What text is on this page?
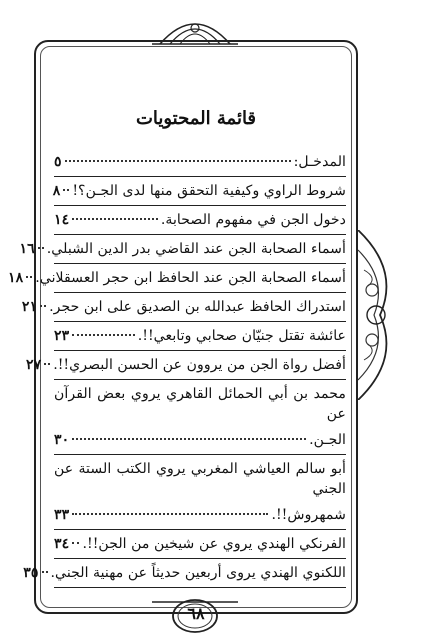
قائمة المحتويات
المدخـل:
٥
شروط الراوي وكيفية التحقق منها لدى الجـن؟!
٨
دخول الجن في مفهوم الصحابة.
١٤
أسماء الصحابة الجن عند القاضي بدر الدين الشبلي.
١٦
أسماء الصحابة الجن عند الحافظ ابن حجر العسقلاني.
١٨
استدراك الحافظ عبدالله بن الصديق على ابن حجر.
٢١
عائشة تقتل جنيّان صحابي وتابعي!!.
٢٣
أفضل رواة الجن من يروون عن الحسن البصري!!.
٢٧
محمد بن أبي الحمائل القاهري يروي بعض القرآن عن
الجـن.
٣٠
أبو سالم العياشي المغربي يروي الكتب الستة عن الجني
شمهروش!!.
٣٣
الفرنكي الهندي يروي عن شيخين من الجن!!.
٣٤
اللكنوي الهندي يروى أربعين حديثاً عن مهنية الجني.
٣٥
٦٨
